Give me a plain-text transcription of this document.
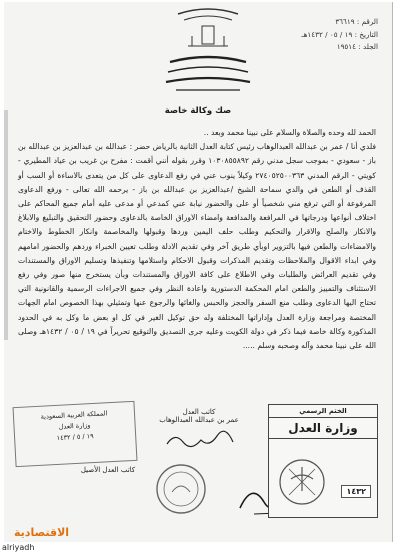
الرقم : ٣٦٦١٩
التاريخ : ١٩ / ٠٥ / ١٤٣٢هـ
الجلد : ١٩٥١٤
صك وكالة خاصة

الحمد لله وحده والصلاة والسلام على نبينا محمد وبعد ..

فلدي أنا / عمر بن عبدالله العبدالوهاب رئيس كتابة العدل الثانية بالرياض حضر : عبدالله بن عبدالعزيز بن عبدالله بن باز - سعودي - بموجب سجل مدني رقم ١٠٣٠٨٥٥٨٩٢ وقرر بقوله أنني أقمت : مفرح بن غريب بن عياد المطيري - كويتي - الرقم المدني ٢٧٤٠٥٢٥٠٠٣٦٣ وكيلاً ينوب عني في رفع الدعاوى على كل من يتعدى بالاساءة أو السب أو القذف أو الطعن في والدي سماحة الشيخ /عبدالعزيز بن عبدالله بن باز - يرحمه الله تعالى - ورفع الدعاوى المرفوعة أو التي ترفع مني شخصياً أو على والحضور نيابة عني كمدعي أو مدعى عليه أمام جميع المحاكم على اختلاف أنواعها ودرجاتها في المرافعة والمدافعة وامضاء الاوراق الخاصة بالدعاوى وحضور التحقيق والتبليغ والابلاغ والانكار والصلح والاقرار والتحكيم وطلب حلف اليمين وردها وقبولها والمخاصمة وانكار الخطوط والاختام والامضاءات والطعن فيها بالتزوير اوبأي طريق آخر وفي تقديم الادلة وطلب تعيين الخبراء وردهم والحضور امامهم وفي ابداء الاقوال والملاحظات وتقديم المذكرات وقبول الاحكام واستلامها وتنفيذها وتسليم الاوراق والمستندات وفي تقديم العرائض والطلبات وفي الاطلاع على كافة الاوراق والمستندات وبأن يستخرج منها صور وفي رفع الاستئناف والتمييز والطعن امام المحكمة الدستورية واعادة النظر وفي جميع الاجراءات الرسمية والقانونية التي تحتاج اليها الدعاوى وطلب منع السفر والحجز والحبس والغائها والرجوع عنها وتمثيلي بهذا الخصوص امام الجهات المختصة ومراجعة وزارة العدل وإداراتها المختلفة وله حق توكيل الغير في كل او بعض ما وكل به في الحدود المذكورة وكالة خاصة فيما ذكر في دولة الكويت وعليه جرى التصديق والتوقيع تحريراً في ١٩ / ٠٥ / ١٤٣٢هـ وصلى الله على نبينا محمد وآله وصحبه وسلم .....

المملكة العربية السعودية
وزارة العدل
١٩ / ٥ / ١٤٣٢
كاتب العدل
عمر بن عبدالله العبدالوهاب
كاتب العدل الأصيل
الختم الرسمي
وزارة العدل
١٤٣٢
الاقتصادية
alriyadh
